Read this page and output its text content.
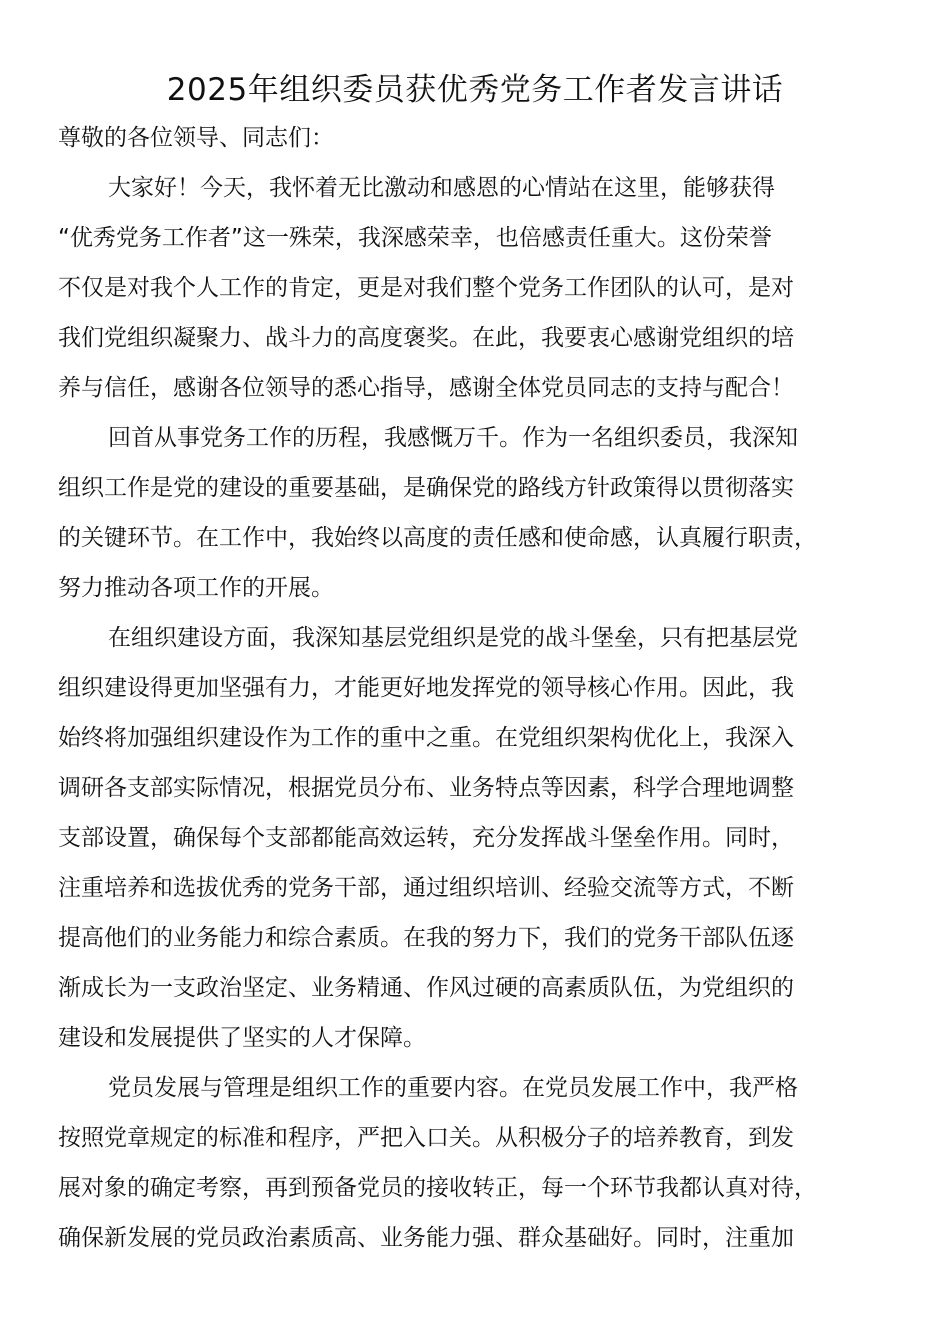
2025年组织委员获优秀党务工作者发言讲话
尊敬的各位领导、同志们：
大家好！今天，我怀着无比激动和感恩的心情站在这里，能够获得
“优秀党务工作者”这一殊荣，我深感荣幸，也倍感责任重大。这份荣誉
不仅是对我个人工作的肯定，更是对我们整个党务工作团队的认可，是对
我们党组织凝聚力、战斗力的高度褒奖。在此，我要衷心感谢党组织的培
养与信任，感谢各位领导的悉心指导，感谢全体党员同志的支持与配合！
回首从事党务工作的历程，我感慨万千。作为一名组织委员，我深知
组织工作是党的建设的重要基础，是确保党的路线方针政策得以贯彻落实
的关键环节。在工作中，我始终以高度的责任感和使命感，认真履行职责，
努力推动各项工作的开展。
在组织建设方面，我深知基层党组织是党的战斗堡垒，只有把基层党
组织建设得更加坚强有力，才能更好地发挥党的领导核心作用。因此，我
始终将加强组织建设作为工作的重中之重。在党组织架构优化上，我深入
调研各支部实际情况，根据党员分布、业务特点等因素，科学合理地调整
支部设置，确保每个支部都能高效运转，充分发挥战斗堡垒作用。同时，
注重培养和选拔优秀的党务干部，通过组织培训、经验交流等方式，不断
提高他们的业务能力和综合素质。在我的努力下，我们的党务干部队伍逐
渐成长为一支政治坚定、业务精通、作风过硬的高素质队伍，为党组织的
建设和发展提供了坚实的人才保障。
党员发展与管理是组织工作的重要内容。在党员发展工作中，我严格
按照党章规定的标准和程序，严把入口关。从积极分子的培养教育，到发
展对象的确定考察，再到预备党员的接收转正，每一个环节我都认真对待，
确保新发展的党员政治素质高、业务能力强、群众基础好。同时，注重加
